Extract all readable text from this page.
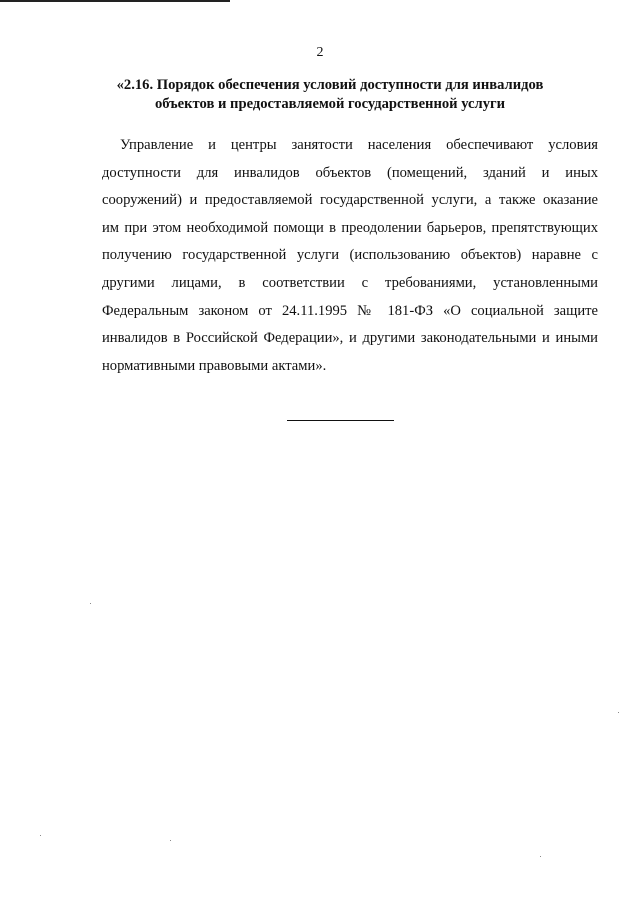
2
«2.16. Порядок обеспечения условий доступности для инвалидов
объектов и предоставляемой государственной услуги
Управление и центры занятости населения обеспечивают условия
доступности для инвалидов объектов (помещений, зданий и иных
сооружений) и предоставляемой государственной услуги, а также оказание
им при этом необходимой помощи в преодолении барьеров, препятствующих
получению государственной услуги (использованию объектов) наравне с
другими лицами, в соответствии с требованиями, установленными
Федеральным законом от 24.11.1995 № 181-ФЗ «О социальной защите
инвалидов в Российской Федерации», и другими законодательными и иными
нормативными правовыми актами».
